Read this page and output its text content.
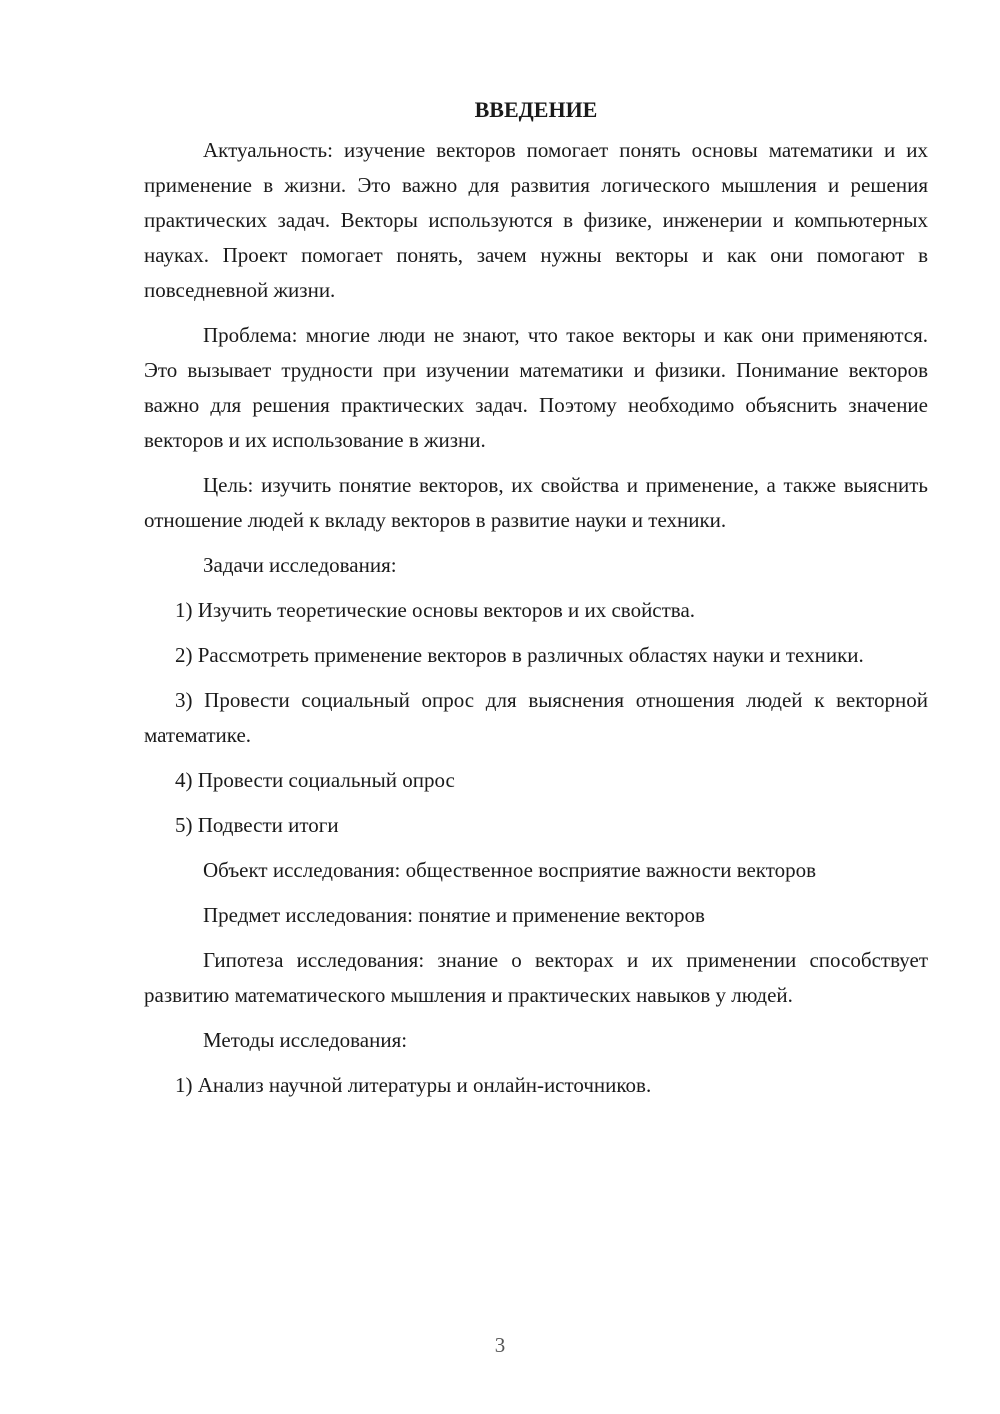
ВВЕДЕНИЕ

Актуальность: изучение векторов помогает понять основы математики и их применение в жизни. Это важно для развития логического мышления и решения практических задач. Векторы используются в физике, инженерии и компьютерных науках. Проект помогает понять, зачем нужны векторы и как они помогают в повседневной жизни.

Проблема: многие люди не знают, что такое векторы и как они применяются. Это вызывает трудности при изучении математики и физики. Понимание векторов важно для решения практических задач. Поэтому необходимо объяснить значение векторов и их использование в жизни.

Цель: изучить понятие векторов, их свойства и применение, а также выяснить отношение людей к вкладу векторов в развитие науки и техники.

Задачи исследования:

1) Изучить теоретические основы векторов и их свойства.

2) Рассмотреть применение векторов в различных областях науки и техники.

3) Провести социальный опрос для выяснения отношения людей к векторной математике.

4) Провести социальный опрос

5) Подвести итоги

Объект исследования: общественное восприятие важности векторов

Предмет исследования: понятие и применение векторов

Гипотеза исследования: знание о векторах и их применении способствует развитию математического мышления и практических навыков у людей.

Методы исследования:

1) Анализ научной литературы и онлайн-источников.

3
